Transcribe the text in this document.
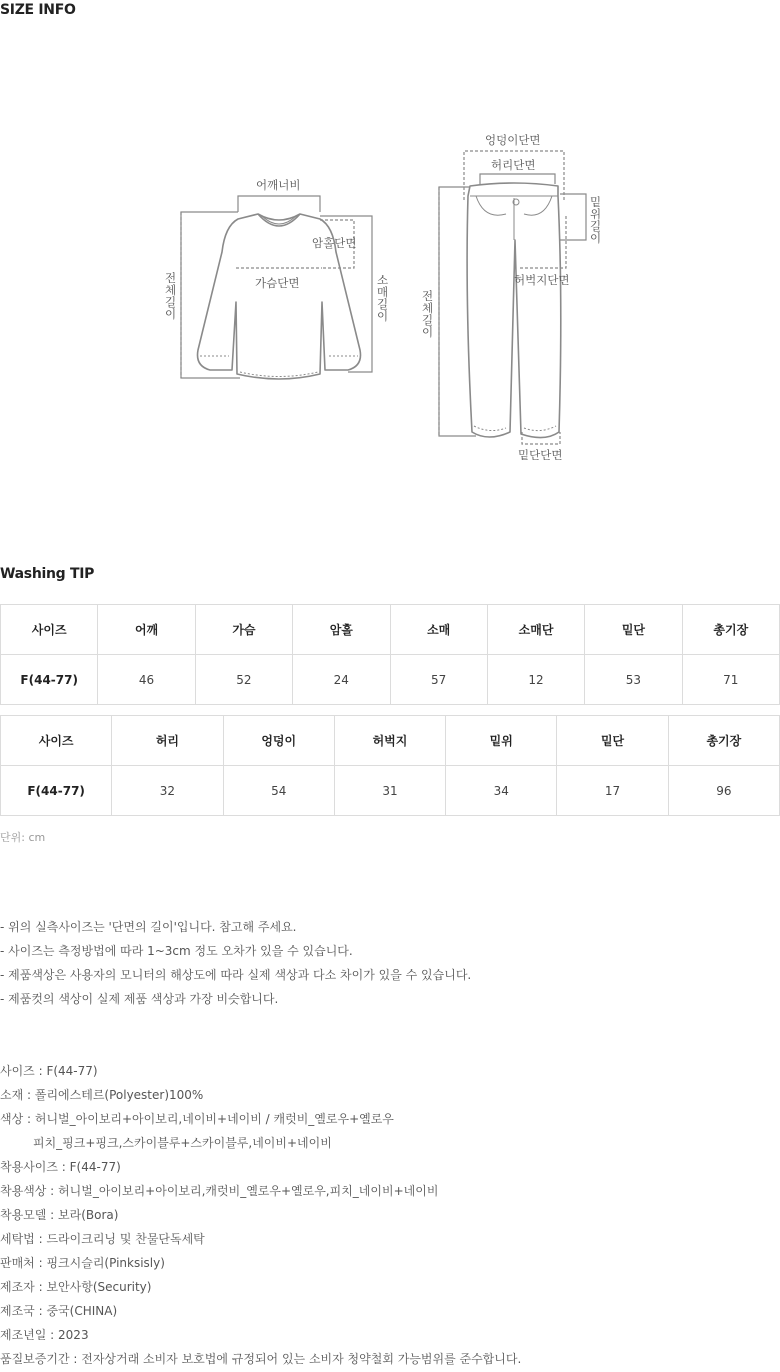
SIZE INFO
어깨너비
암홀단면
가슴단면
전
체
길
이
소
매
길
이
엉덩이단면
허리단면
밑
위
길
이
허벅지단면
전
체
길
이
밑단단면
Washing TIP
사이즈	어깨	가슴	암홀	소매	소매단	밑단	총기장
F(44-77)	46	52	24	57	12	53	71
사이즈	허리	엉덩이	허벅지	밑위	밑단	총기장
F(44-77)	32	54	31	34	17	96
단위: cm
- 위의 실측사이즈는 '단면의 길이'입니다. 참고해 주세요.
- 사이즈는 측정방법에 따라 1~3cm 정도 오차가 있을 수 있습니다.
- 제품색상은 사용자의 모니터의 해상도에 따라 실제 색상과 다소 차이가 있을 수 있습니다.
- 제품컷의 색상이 실제 제품 색상과 가장 비슷합니다.
사이즈 : F(44-77)
소재 : 폴리에스테르(Polyester)100%
색상 : 허니벌_아이보리+아이보리,네이비+네이비 / 캐럿비_옐로우+옐로우
피치_핑크+핑크,스카이블루+스카이블루,네이비+네이비
착용사이즈 : F(44-77)
착용색상 : 허니벌_아이보리+아이보리,캐럿비_옐로우+옐로우,피치_네이비+네이비
착용모델 : 보라(Bora)
세탁법 : 드라이크리닝 및 찬물단독세탁
판매처 : 핑크시슬리(Pinksisly)
제조자 : 보안사항(Security)
제조국 : 중국(CHINA)
제조년일 : 2023
품질보증기간 : 전자상거래 소비자 보호법에 규정되어 있는 소비자 청약철회 가능범위를 준수합니다.
